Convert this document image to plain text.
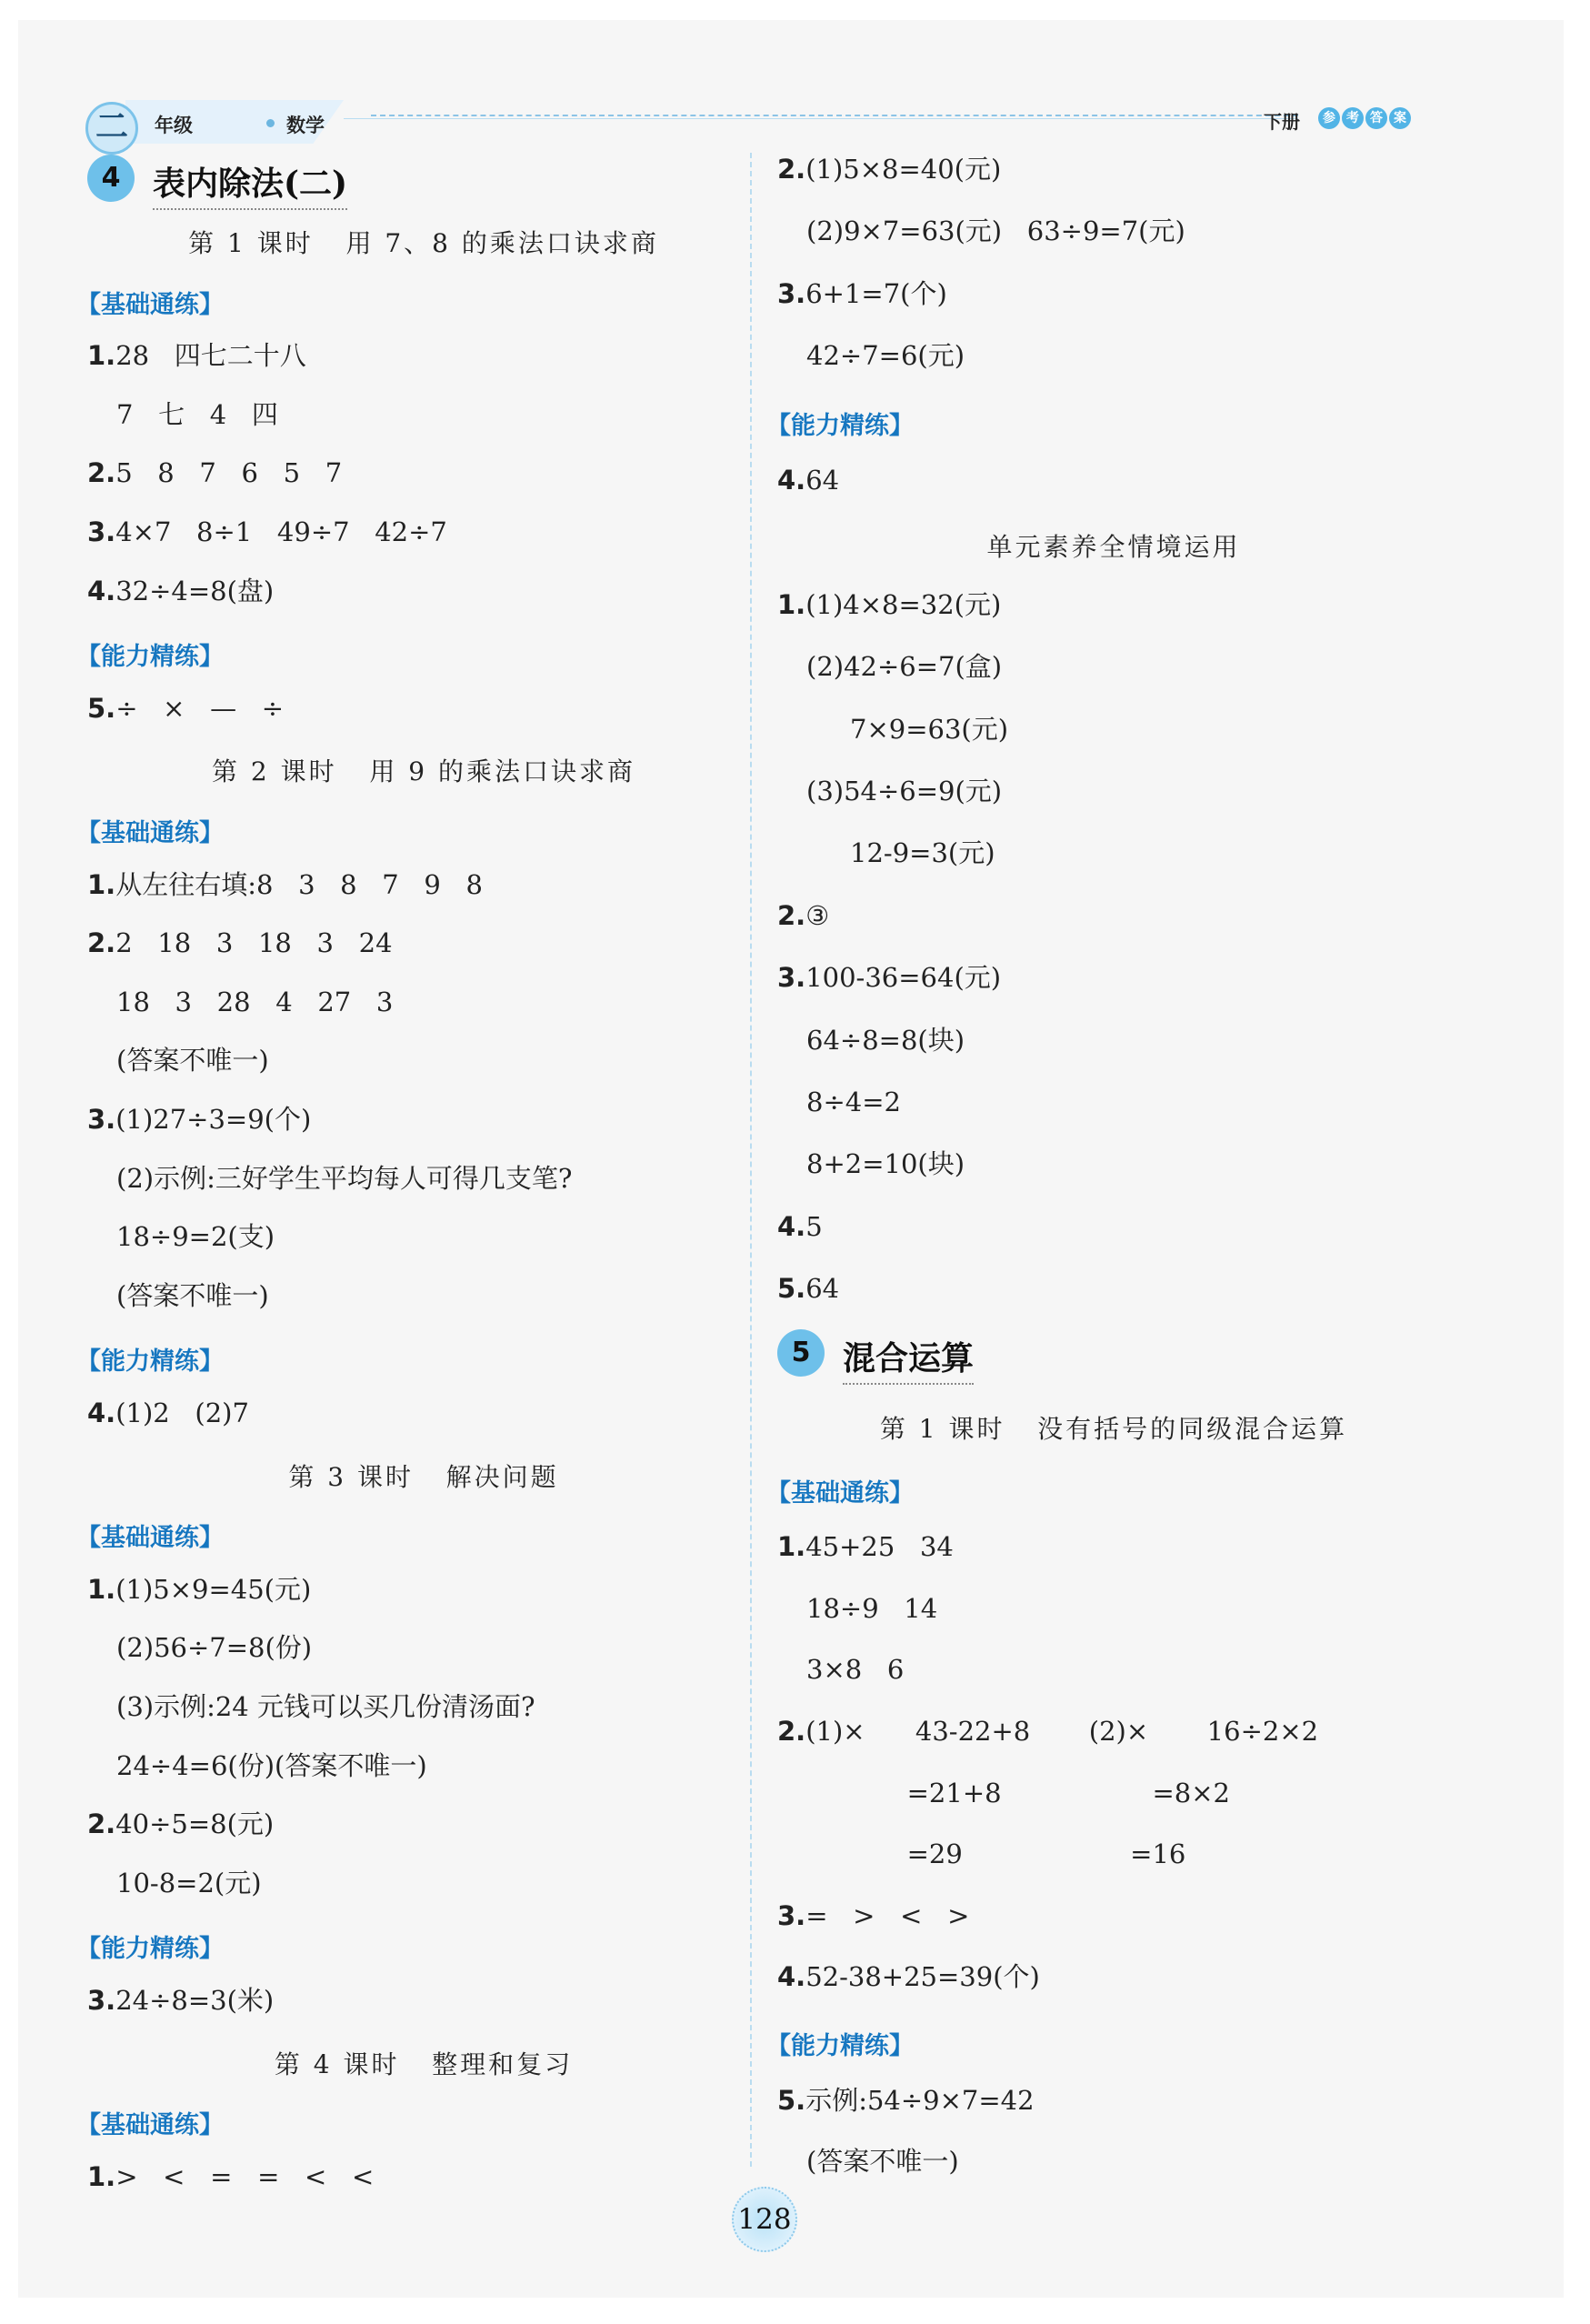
二	年级	数学	下册	参 考 答 案
4 表内除法(二)
第 1 课时   用 7、8 的乘法口诀求商
【基础通练】
1.28   四七二十八
7   七   4   四
2.5   8   7   6   5   7
3.4×7   8÷1   49÷7   42÷7
4.32÷4=8(盘)
【能力精练】
5.÷   ×   —   ÷
第 2 课时   用 9 的乘法口诀求商
【基础通练】
1.从左往右填:8   3   8   7   9   8
2.2   18   3   18   3   24
18   3   28   4   27   3
(答案不唯一)
3.(1)27÷3=9(个)
(2)示例:三好学生平均每人可得几支笔?
18÷9=2(支)
(答案不唯一)
【能力精练】
4.(1)2   (2)7
第 3 课时   解决问题
【基础通练】
1.(1)5×9=45(元)
(2)56÷7=8(份)
(3)示例:24 元钱可以买几份清汤面?
24÷4=6(份)(答案不唯一)
2.40÷5=8(元)
10-8=2(元)
【能力精练】
3.24÷8=3(米)
第 4 课时   整理和复习
【基础通练】
1.>   <   =   =   <   <
2.(1)5×8=40(元)
(2)9×7=63(元)   63÷9=7(元)
3.6+1=7(个)
42÷7=6(元)
【能力精练】
4.64
单元素养全情境运用
1.(1)4×8=32(元)
(2)42÷6=7(盒)
7×9=63(元)
(3)54÷6=9(元)
12-9=3(元)
2.③
3.100-36=64(元)
64÷8=8(块)
8÷4=2
8+2=10(块)
4.5
5.64
5 混合运算
第 1 课时   没有括号的同级混合运算
【基础通练】
1.45+25   34
18÷9   14
3×8   6
2.(1)×      43-22+8       (2)×       16÷2×2
=21+8                  =8×2
=29                    =16
3.=   >   <   >
4.52-38+25=39(个)
【能力精练】
5.示例:54÷9×7=42
(答案不唯一)
128
